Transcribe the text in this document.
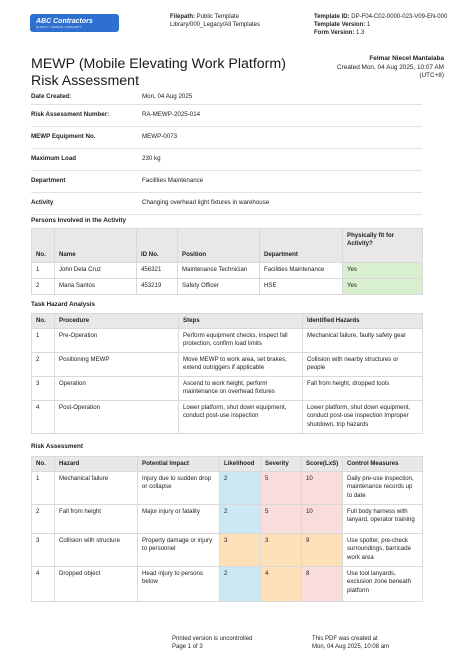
ABC Contractors
QUALITY • DESIGN • INTEGRITY
Filepath: Public Template Library/000_Legacy/All Templates
Template ID: DP-F04-C02-0000-023-V09-EN-000
Template Version: 1
Form Version: 1.3
MEWP (Mobile Elevating Work Platform) Risk Assessment
Felmar Niecel Mantalaba
Created Mon, 04 Aug 2025, 10:07 AM
(UTC+8)
Date Created:	Mon, 04 Aug 2025
Risk Assessment Number:	RA-MEWP-2025-014
MEWP Equipment No.	MEWP-0073
Maximum Load	230 kg
Department	Facilities Maintenance
Activity	Changing overhead light fixtures in warehouse
Persons Involved in the Activity
No.	Name	ID No.	Position	Department	Physically fit for Activity?
1	John Dela Cruz	456321	Maintenance Technician	Facilities Maintenance	Yes
2	Maria Santos	453219	Safety Officer	HSE	Yes
Task Hazard Analysis
No.	Procedure	Steps	Identified Hazards
1	Pre-Operation	Perform equipment checks, inspect fall protection, confirm load limits	Mechanical failure, faulty safety gear
2	Positioning MEWP	Move MEWP to work area, set brakes, extend outriggers if applicable	Collision with nearby structures or people
3	Operation	Ascend to work height, perform maintenance on overhead fixtures	Fall from height, dropped tools
4	Post-Operation	Lower platform, shut down equipment, conduct post-use inspection	Lower platform, shut down equipment, conduct post-use inspection Improper shutdown, trip hazards
Risk Assessment
No.	Hazard	Potential Impact	Likelihood	Severity	Score(LxS)	Control Measures
1	Mechanical failure	Injury due to sudden drop or collapse	2	5	10	Daily pre-use inspection, maintenance records up to date
2	Fall from height	Major injury or fatality	2	5	10	Full body harness with lanyard, operator training
3	Collision with structure	Property damage or injury to personnel	3	3	9	Use spotter, pre-check surroundings, barricade work area
4	Dropped object	Head injury to persons below	2	4	8	Use tool lanyards, exclusion zone beneath platform
Printed version is uncontrolled
Page 1 of 3
This PDF was created at
Mon, 04 Aug 2025, 10:08 am
